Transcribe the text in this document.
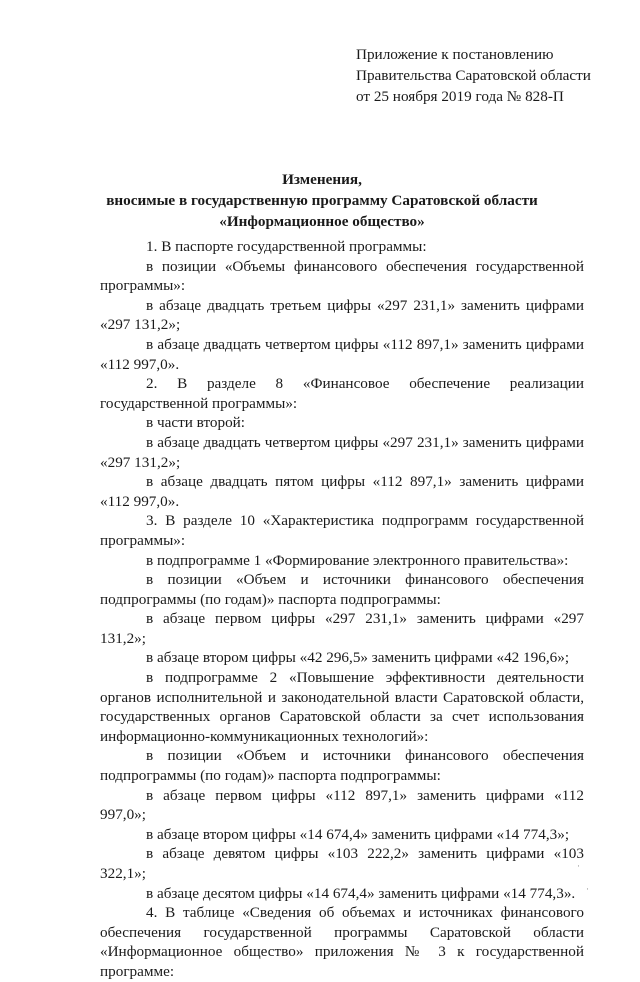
Приложение к постановлению
Правительства Саратовской области
от 25 ноября 2019 года № 828-П
Изменения,
вносимые в государственную программу Саратовской области
«Информационное общество»

1. В паспорте государственной программы:

в позиции «Объемы финансового обеспечения государственной программы»:

в абзаце двадцать третьем цифры «297 231,1» заменить цифрами «297 131,2»;

в абзаце двадцать четвертом цифры «112 897,1» заменить цифрами «112 997,0».

2. В разделе 8 «Финансовое обеспечение реализации государственной программы»:

в части второй:

в абзаце двадцать четвертом цифры «297 231,1» заменить цифрами «297 131,2»;

в абзаце двадцать пятом цифры «112 897,1» заменить цифрами «112 997,0».

3. В разделе 10 «Характеристика подпрограмм государственной программы»:

в подпрограмме 1 «Формирование электронного правительства»:

в позиции «Объем и источники финансового обеспечения подпрограммы (по годам)» паспорта подпрограммы:

в абзаце первом цифры «297 231,1» заменить цифрами «297 131,2»;

в абзаце втором цифры «42 296,5» заменить цифрами «42 196,6»;

в подпрограмме 2 «Повышение эффективности деятельности органов исполнительной и законодательной власти Саратовской области, государственных органов Саратовской области за счет использования информационно-коммуникационных технологий»:

в позиции «Объем и источники финансового обеспечения подпрограммы (по годам)» паспорта подпрограммы:

в абзаце первом цифры «112 897,1» заменить цифрами «112 997,0»;

в абзаце втором цифры «14 674,4» заменить цифрами «14 774,3»;

в абзаце девятом цифры «103 222,2» заменить цифрами «103 322,1»;

в абзаце десятом цифры «14 674,4» заменить цифрами «14 774,3».

4. В таблице «Сведения об объемах и источниках финансового обеспечения государственной программы Саратовской области «Информационное общество» приложения № 3 к государственной программе:

·
·
